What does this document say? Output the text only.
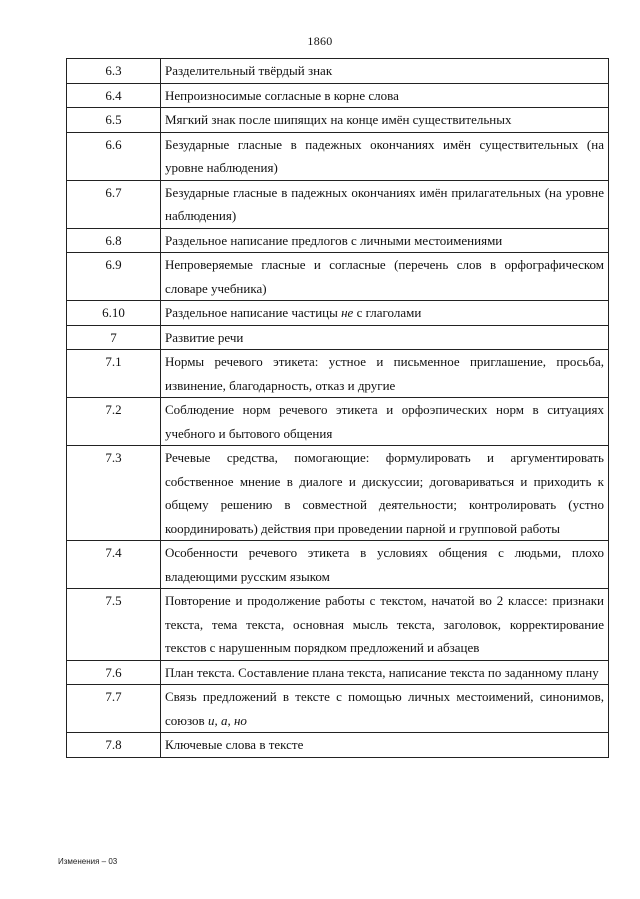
1860
6.3	Разделительный твёрдый знак
6.4	Непроизносимые согласные в корне слова
6.5	Мягкий знак после шипящих на конце имён существительных
6.6	Безударные гласные в падежных окончаниях имён существительных (на уровне наблюдения)
6.7	Безударные гласные в падежных окончаниях имён прилагательных (на уровне наблюдения)
6.8	Раздельное написание предлогов с личными местоимениями
6.9	Непроверяемые гласные и согласные (перечень слов в орфографическом словаре учебника)
6.10	Раздельное написание частицы не с глаголами
7	Развитие речи
7.1	Нормы речевого этикета: устное и письменное приглашение, просьба, извинение, благодарность, отказ и другие
7.2	Соблюдение норм речевого этикета и орфоэпических норм в ситуациях учебного и бытового общения
7.3	Речевые средства, помогающие: формулировать и аргументировать собственное мнение в диалоге и дискуссии; договариваться и приходить к общему решению в совместной деятельности; контролировать (устно координировать) действия при проведении парной и групповой работы
7.4	Особенности речевого этикета в условиях общения с людьми, плохо владеющими русским языком
7.5	Повторение и продолжение работы с текстом, начатой во 2 классе: признаки текста, тема текста, основная мысль текста, заголовок, корректирование текстов с нарушенным порядком предложений и абзацев
7.6	План текста. Составление плана текста, написание текста по заданному плану
7.7	Связь предложений в тексте с помощью личных местоимений, синонимов, союзов и, а, но
7.8	Ключевые слова в тексте
Изменения – 03
